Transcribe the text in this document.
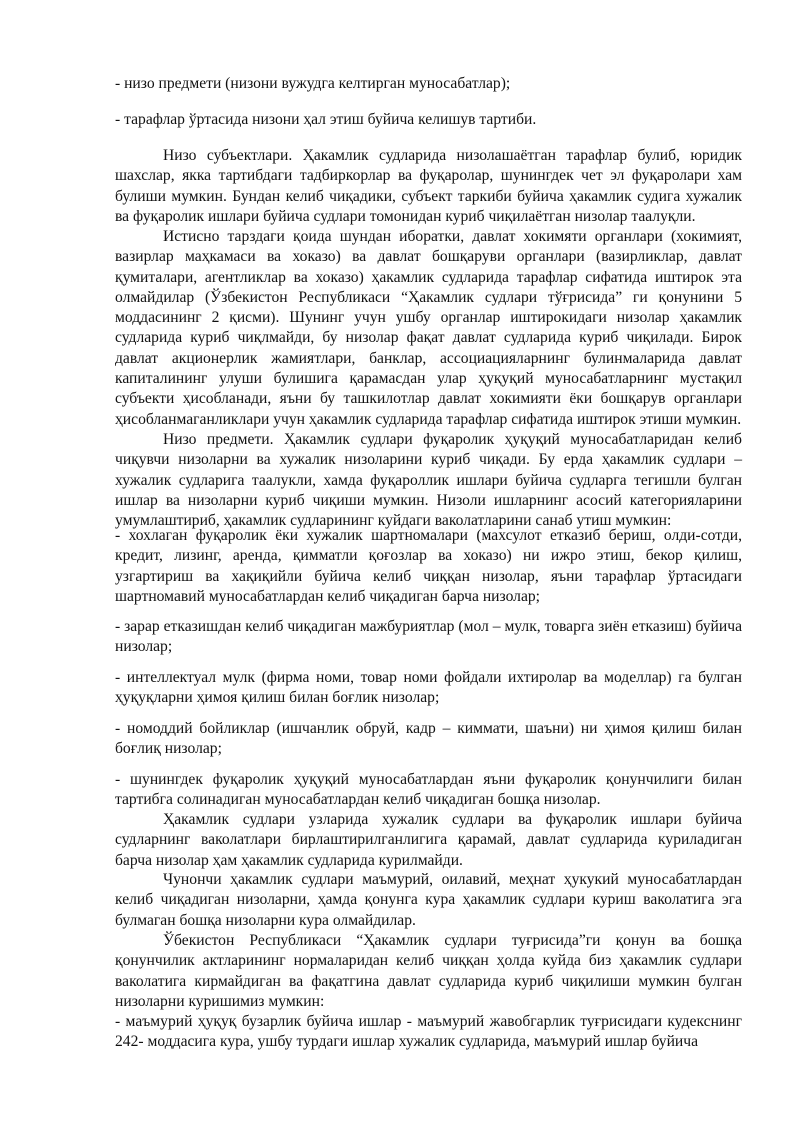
- низо предмети (низони вужудга келтирган муносабатлар);

- тарафлар ўртасида низони ҳал этиш буйича келишув тартиби.

Низо субъектлари. Ҳакамлик судларида низолашаётган тарафлар булиб, юридик шахслар, якка тартибдаги тадбиркорлар ва фуқаролар, шунингдек чет эл фуқаролари хам булиши мумкин. Бундан келиб чиқадики, субъект таркиби буйича ҳакамлик судига хужалик ва фуқаролик ишлари буйича судлари томонидан куриб чиқилаётган низолар таалуқли.

Истисно тарздаги қоида шундан иборатки, давлат хокимяти органлари (хокимият, вазирлар маҳкамаси ва хоказо) ва давлат бошқаруви органлари (вазирликлар, давлат қумиталари, агентликлар ва хоказо) ҳакамлик судларида тарафлар сифатида иштирок эта олмайдилар (Ўзбекистон Республикаси “Ҳакамлик судлари тўғрисида” ги қонунини 5 моддасининг 2 қисми). Шунинг учун ушбу органлар иштирокидаги низолар ҳакамлик судларида куриб чиқлмайди, бу низолар фақат давлат судларида куриб чиқилади. Бирок давлат акционерлик жамиятлари, банклар, ассоциацияларнинг булинмаларида давлат капиталининг улуши булишига қарамасдан улар ҳуқуқий муносабатларнинг мустақил субъекти ҳисобланади, яъни бу ташкилотлар давлат хокимияти ёки бошқарув органлари ҳисобланмаганликлари учун ҳакамлик судларида тарафлар сифатида иштирок этиши мумкин.

Низо предмети. Ҳакамлик судлари фуқаролик ҳуқуқий муносабатларидан келиб чиқувчи низоларни ва хужалик низоларини куриб чиқади. Бу ерда ҳакамлик судлари – хужалик судларига таалукли, хамда фуқароллик ишлари буйича судларга тегишли булган ишлар ва низоларни куриб чиқиши мумкин. Низоли ишларнинг асосий категорияларини умумлаштириб, ҳакамлик судларининг куйдаги ваколатларини санаб утиш мумкин:

- хохлаган фуқаролик ёки хужалик шартномалари (махсулот етказиб бериш, олди-сотди, кредит, лизинг, аренда, қимматли қоғозлар ва хоказо) ни ижро этиш, бекор қилиш, узгартириш ва хақиқийли буйича келиб чиққан низолар, яъни тарафлар ўртасидаги шартномавий муносабатлардан келиб чиқадиган барча низолар;

- зарар етказишдан келиб чиқадиган мажбуриятлар (мол – мулк, товарга зиён етказиш) буйича низолар;

- интеллектуал мулк (фирма номи, товар номи фойдали ихтиролар ва моделлар) га булган ҳуқуқларни ҳимоя қилиш билан боғлик низолар;

- номоддий бойликлар (ишчанлик обруй, кадр – киммати, шаъни) ни ҳимоя қилиш билан боғлиқ низолар;

- шунингдек фуқаролик ҳуқуқий муносабатлардан яъни фуқаролик қонунчилиги билан тартибга солинадиган муносабатлардан келиб чиқадиган бошқа низолар.

Ҳакамлик судлари узларида хужалик судлари ва фуқаролик ишлари буйича судларнинг ваколатлари бирлаштирилганлигига қарамай, давлат судларида куриладиган барча низолар ҳам ҳакамлик судларида курилмайди.

Чунончи ҳакамлик судлари маъмурий, оилавий, меҳнат ҳукукий муносабатлардан келиб чиқадиган низоларни, ҳамда қонунга кура ҳакамлик судлари куриш ваколатига эга булмаган бошқа низоларни кура олмайдилар.

Ўбекистон Республикаси “Ҳакамлик судлари туғрисида”ги қонун ва бошқа қонунчилик актларининг нормаларидан келиб чиққан ҳолда куйда биз ҳакамлик судлари ваколатига кирмайдиган ва фақатгина давлат судларида куриб чиқилиши мумкин булган низоларни куришимиз мумкин:

- маъмурий ҳуқуқ бузарлик буйича ишлар - маъмурий жавобгарлик туғрисидаги кудекснинг 242- моддасига кура, ушбу турдаги ишлар хужалик судларида, маъмурий ишлар буйича
